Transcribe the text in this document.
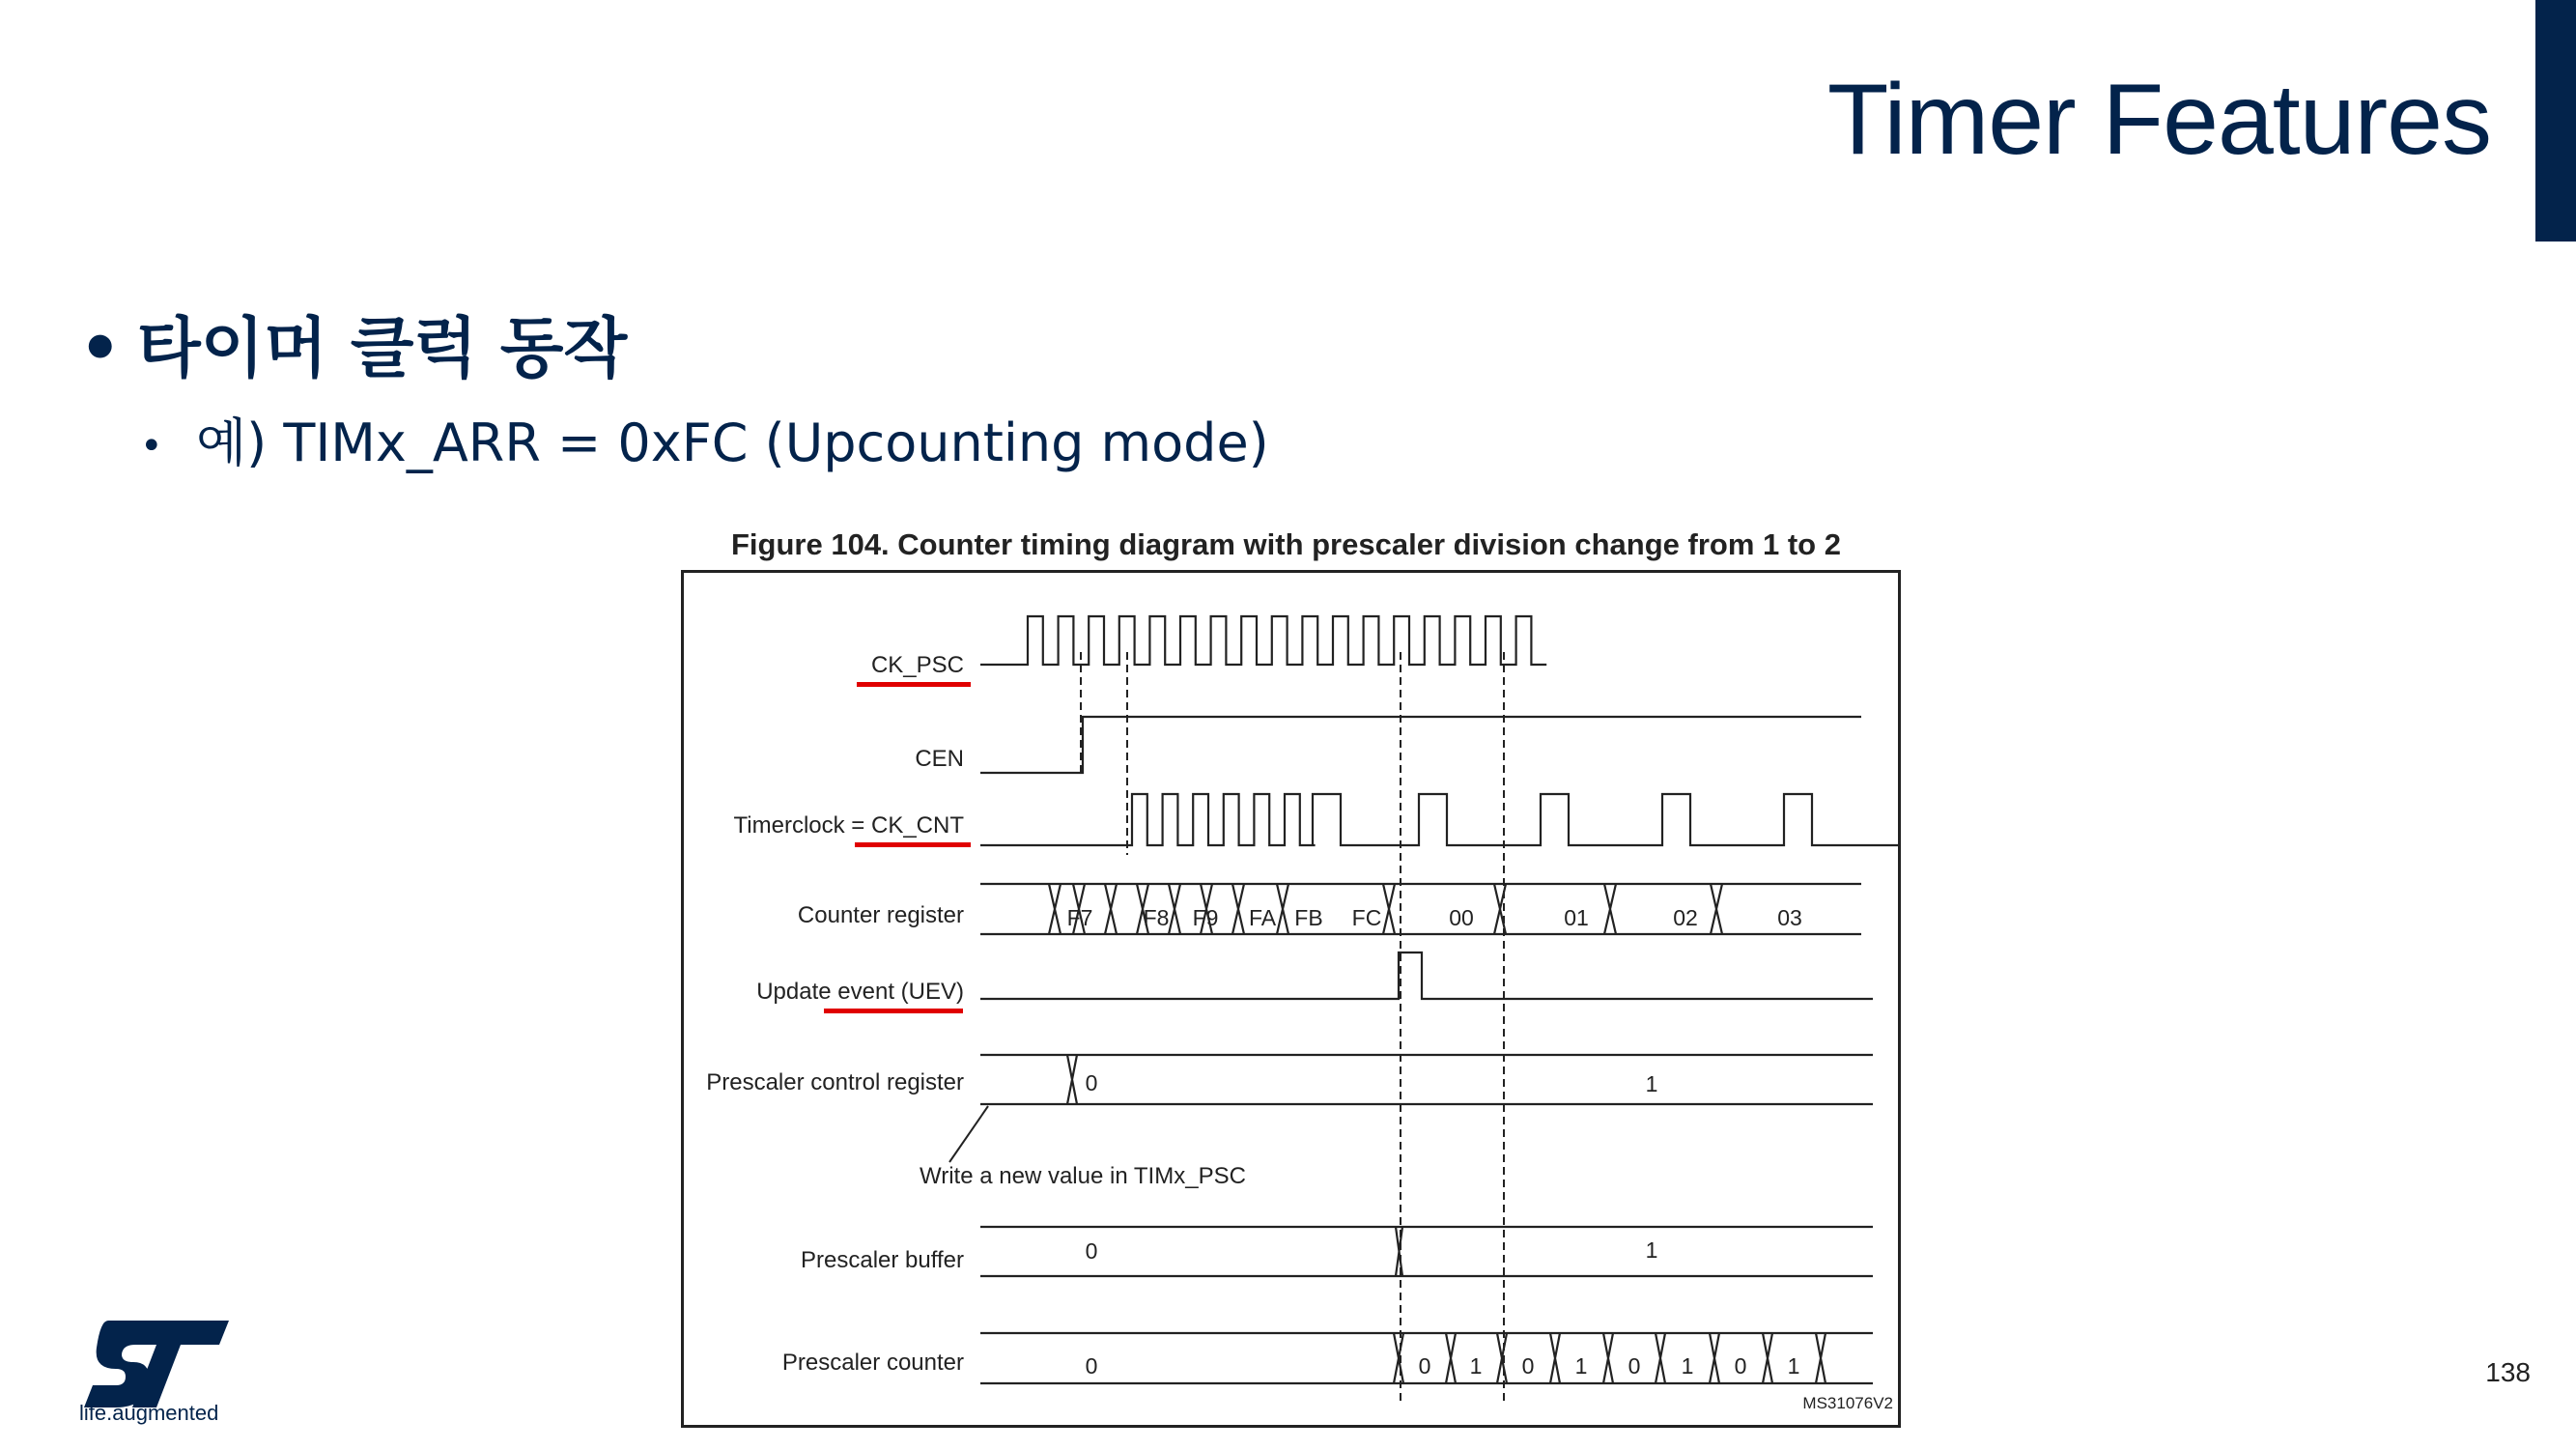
Timer Features
• 타이머 클럭 동작
• 예) TIMx_ARR = 0xFC (Upcounting mode)
Figure 104. Counter timing diagram with prescaler division change from 1 to 2
F7 F8 F9 FA FB FC	00	01	02	03
0	1
0	1
0	0 1 0 1 0 1 0 1
CK_PSC
CEN
Timerclock = CK_CNT
Counter register
Update event (UEV)
Prescaler control register
Write a new value in TIMx_PSC
Prescaler buffer
Prescaler counter
MS31076V2
138
life.augmented
